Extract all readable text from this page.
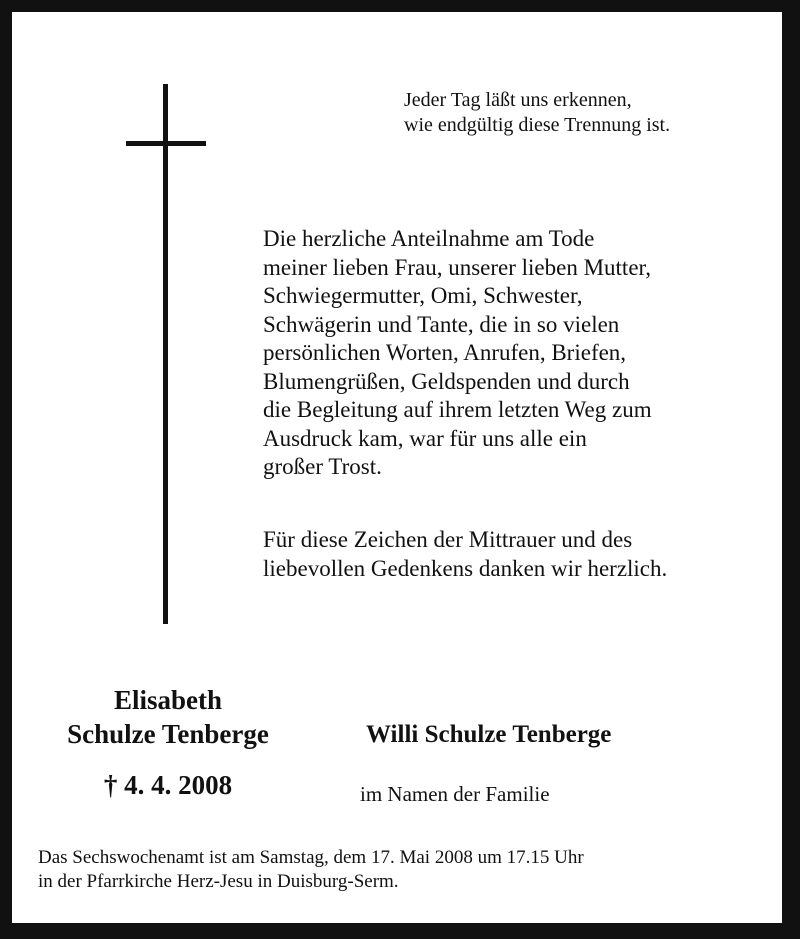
Jeder Tag läßt uns erkennen,
wie endgültig diese Trennung ist.
Die herzliche Anteilnahme am Tode
meiner lieben Frau, unserer lieben Mutter,
Schwiegermutter, Omi, Schwester,
Schwägerin und Tante, die in so vielen
persönlichen Worten, Anrufen, Briefen,
Blumengrüßen, Geldspenden und durch
die Begleitung auf ihrem letzten Weg zum
Ausdruck kam, war für uns alle ein
großer Trost.
Für diese Zeichen der Mittrauer und des
liebevollen Gedenkens danken wir herzlich.
Elisabeth
Schulze Tenberge
† 4. 4. 2008
Willi Schulze Tenberge
im Namen der Familie
Das Sechswochenamt ist am Samstag, dem 17. Mai 2008 um 17.15 Uhr
in der Pfarrkirche Herz-Jesu in Duisburg-Serm.
